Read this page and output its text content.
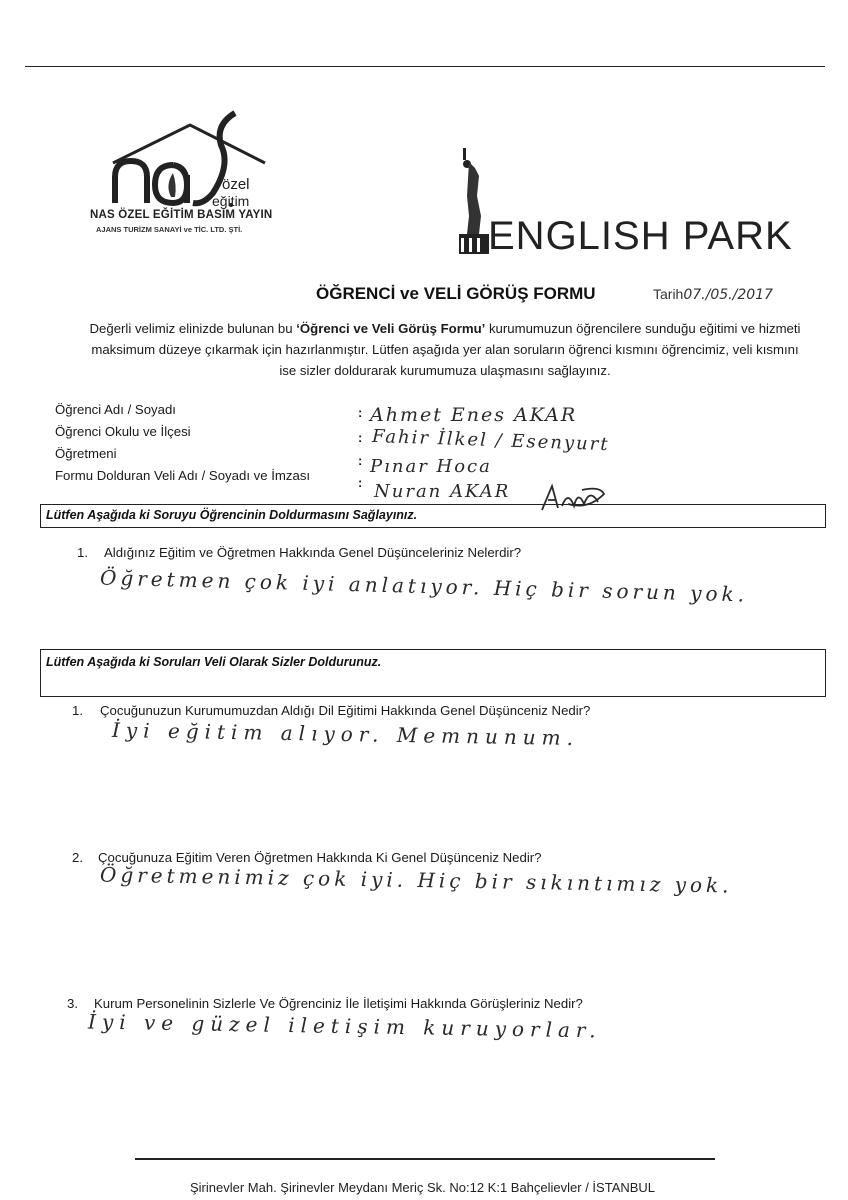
özel
eğitim
NAS ÖZEL EĞİTİM BASIM YAYIN
AJANS TURİZM SANAYİ ve TİC. LTD. ŞTİ.	ENGLISH PARK
ÖĞRENCİ ve VELİ GÖRÜŞ FORMU	Tarih07./05./2017
Değerli velimiz elinizde bulunan bu ‘Öğrenci ve Veli Görüş Formu’ kurumumuzun öğrencilere sunduğu eğitimi ve hizmeti
maksimum düzeye çıkarmak için hazırlanmıştır. Lütfen aşağıda yer alan soruların öğrenci kısmını öğrencimiz, veli kısmını
ise sizler doldurarak kurumumuza ulaşmasını sağlayınız.
Öğrenci Adı / Soyadı
Öğrenci Okulu ve İlçesi
Öğretmeni
Formu Dolduran Veli Adı / Soyadı ve İmzası
:
:
:
:
Ahmet Enes AKAR
Fahir İlkel / Esenyurt
Pınar Hoca
Nuran AKAR
Lütfen Aşağıda ki Soruyu Öğrencinin Doldurmasını Sağlayınız.
1. Aldığınız Eğitim ve Öğretmen Hakkında Genel Düşünceleriniz Nelerdir?
Öğretmen çok iyi anlatıyor. Hiç bir sorun yok.
Lütfen Aşağıda ki Soruları Veli Olarak Sizler Doldurunuz.
1. Çocuğunuzun Kurumumuzdan Aldığı Dil Eğitimi Hakkında Genel Düşünceniz Nedir?
İyi eğitim alıyor. Memnunum.
2. Çocuğunuza Eğitim Veren Öğretmen Hakkında Ki Genel Düşünceniz Nedir?
Öğretmenimiz çok iyi. Hiç bir sıkıntımız yok.
3. Kurum Personelinin Sizlerle Ve Öğrenciniz İle İletişimi Hakkında Görüşleriniz Nedir?
İyi ve güzel iletişim kuruyorlar.
Şirinevler Mah. Şirinevler Meydanı Meriç Sk. No:12 K:1 Bahçelievler / İSTANBUL
